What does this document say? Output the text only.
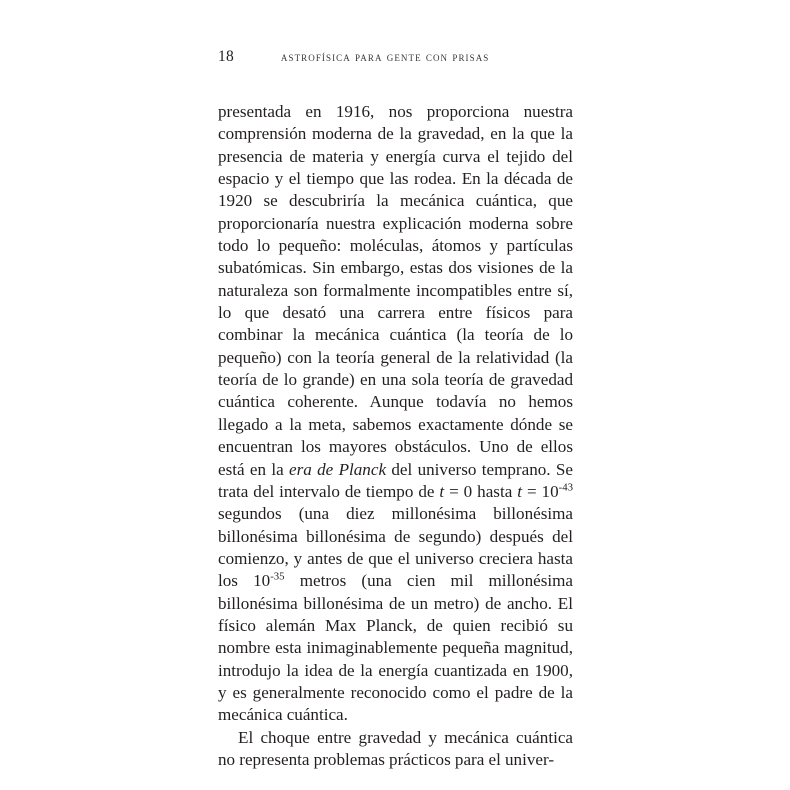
18	astrofísica para gente con prisas

presentada en 1916, nos proporciona nuestra comprensión moderna de la gravedad, en la que la presencia de materia y energía curva el tejido del espacio y el tiempo que las rodea. En la década de 1920 se descubriría la mecánica cuántica, que proporcionaría nuestra explicación moderna sobre todo lo pequeño: moléculas, átomos y partículas subatómicas. Sin embargo, estas dos visiones de la naturaleza son formalmente incompatibles entre sí, lo que desató una carrera entre físicos para combinar la mecánica cuántica (la teoría de lo pequeño) con la teoría general de la relatividad (la teoría de lo grande) en una sola teoría de gravedad cuántica coherente. Aunque todavía no hemos llegado a la meta, sabemos exactamente dónde se encuentran los mayores obstáculos. Uno de ellos está en la era de Planck del universo temprano. Se trata del intervalo de tiempo de t = 0 hasta $t = 10^{-43}$ segundos (una diez millonésima billonésima billonésima billonésima de segundo) después del comienzo, y antes de que el universo creciera hasta los $10^{-35}$ metros (una cien mil millonésima billonésima billonésima de un metro) de ancho. El físico alemán Max Planck, de quien recibió su nombre esta inimaginablemente pequeña magnitud, introdujo la idea de la energía cuantizada en 1900, y es generalmente reconocido como el padre de la mecánica cuántica.

El choque entre gravedad y mecánica cuántica no representa problemas prácticos para el univer-
